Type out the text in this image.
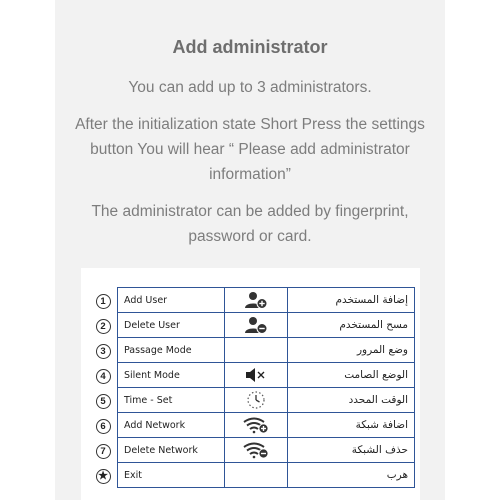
Add administrator
You can add up to 3 administrators.
After the initialization state Short Press the settings button You will hear “ Please add administrator information”
The administrator can be added by fingerprint, password or card.
1	Add User		إضافة المستخدم
2	Delete User		مسح المستخدم
3	Passage Mode		وضع المرور
4	Silent Mode		الوضع الصامت
5	Time - Set		الوقت المحدد
6	Add Network		اضافة شبكة
7	Delete Network		حذف الشبكة
★	Exit		هرب
